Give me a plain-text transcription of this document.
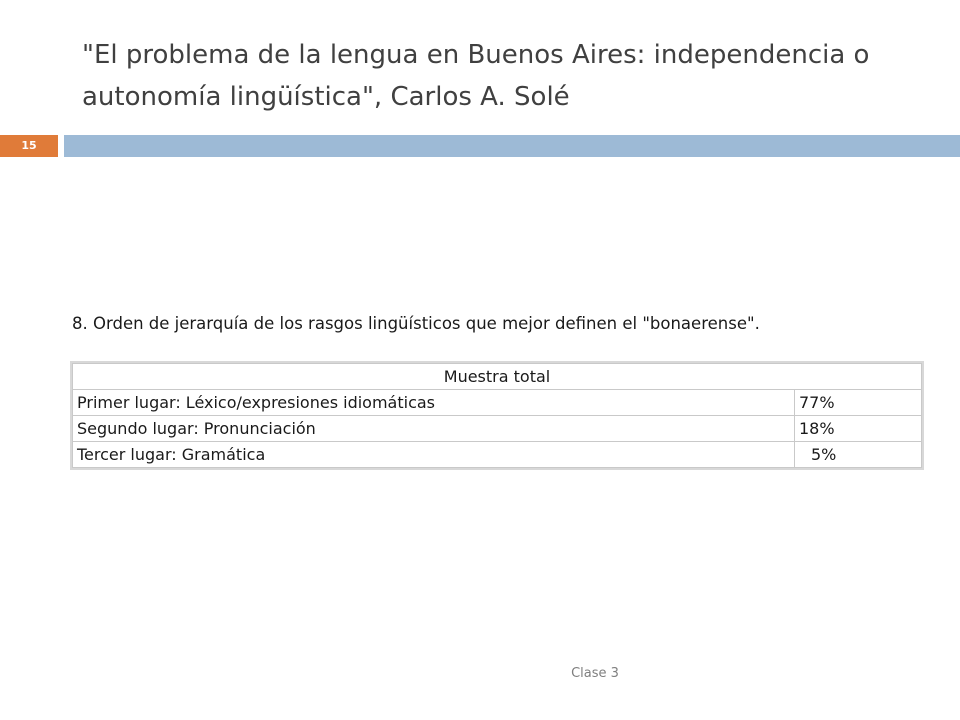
"El problema de la lengua en Buenos Aires: independencia o autonomía lingüística", Carlos A. Solé
15

8. Orden de jerarquía de los rasgos lingüísticos que mejor definen el "bonaerense".

Muestra total	
Primer lugar: Léxico/expresiones idiomáticas	77%
Segundo lugar: Pronunciación	18%
Tercer lugar: Gramática	5%
Clase 3
